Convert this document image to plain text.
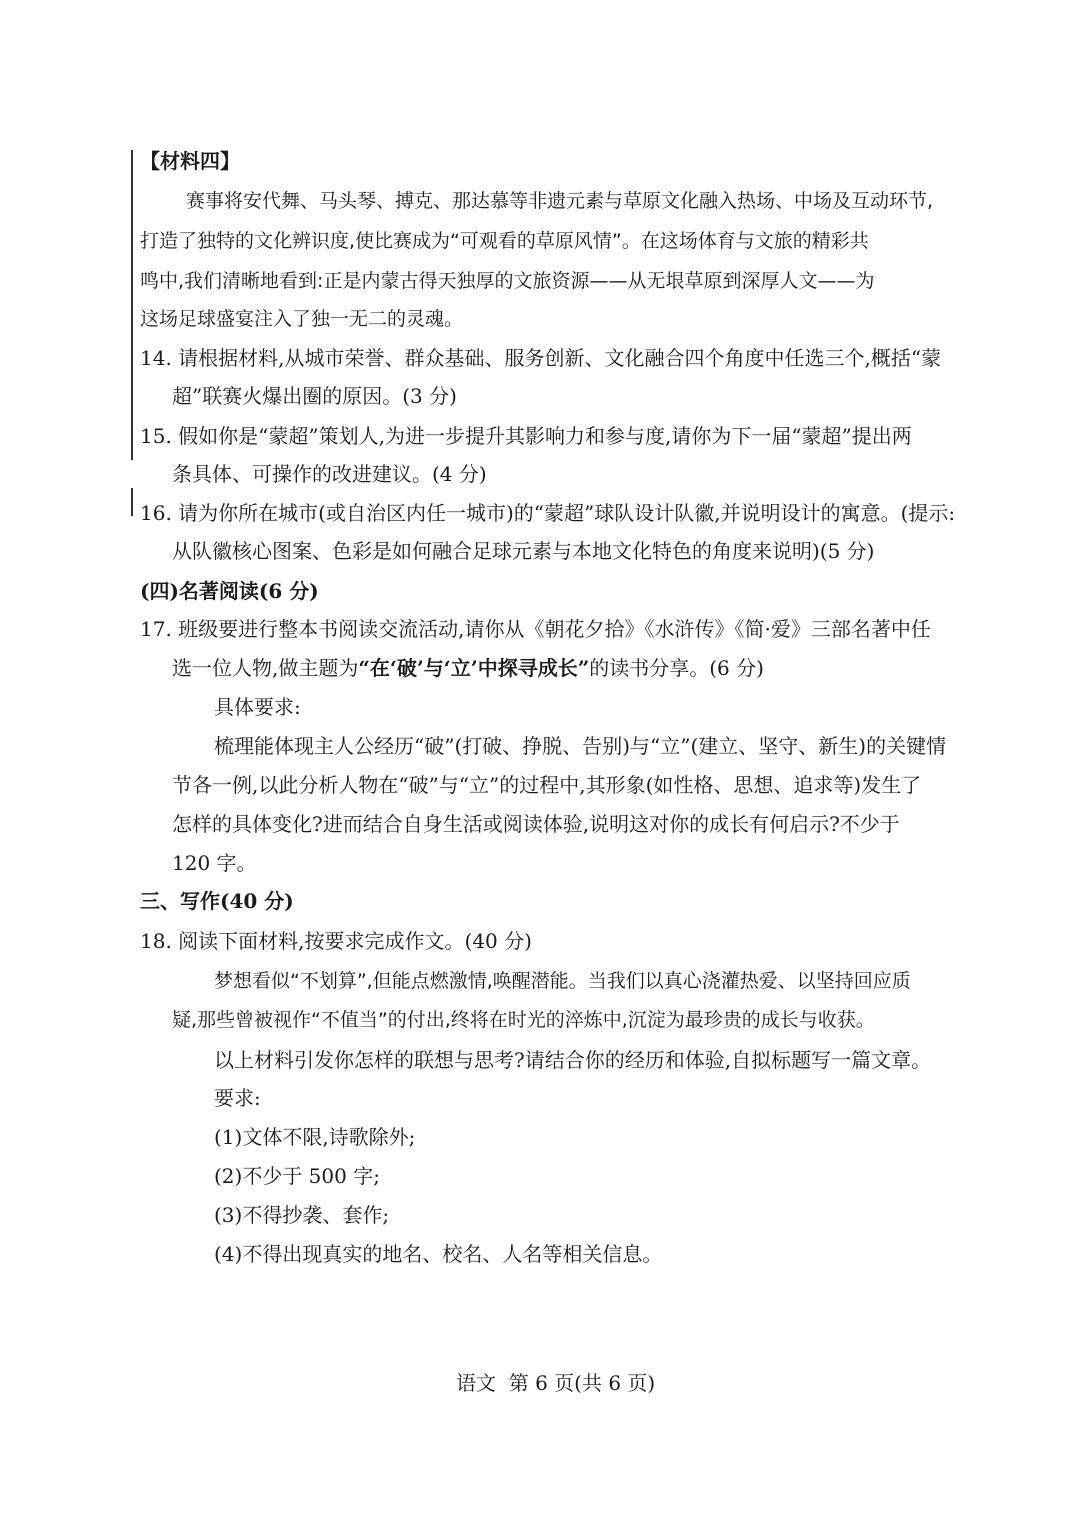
【材料四】
赛事将安代舞、马头琴、搏克、那达慕等非遗元素与草原文化融入热场、中场及互动环节,
打造了独特的文化辨识度,使比赛成为“可观看的草原风情”。在这场体育与文旅的精彩共
鸣中,我们清晰地看到:正是内蒙古得天独厚的文旅资源——从无垠草原到深厚人文——为
这场足球盛宴注入了独一无二的灵魂。
14. 请根据材料,从城市荣誉、群众基础、服务创新、文化融合四个角度中任选三个,概括“蒙
超”联赛火爆出圈的原因。(3 分)
15. 假如你是“蒙超”策划人,为进一步提升其影响力和参与度,请你为下一届“蒙超”提出两
条具体、可操作的改进建议。(4 分)
16. 请为你所在城市(或自治区内任一城市)的“蒙超”球队设计队徽,并说明设计的寓意。(提示:
从队徽核心图案、色彩是如何融合足球元素与本地文化特色的角度来说明)(5 分)
(四)名著阅读(6 分)
17. 班级要进行整本书阅读交流活动,请你从《朝花夕拾》《水浒传》《简·爱》三部名著中任
选一位人物,做主题为“在‘破’与‘立’中探寻成长”的读书分享。(6 分)
具体要求:
梳理能体现主人公经历“破”(打破、挣脱、告别)与“立”(建立、坚守、新生)的关键情
节各一例,以此分析人物在“破”与“立”的过程中,其形象(如性格、思想、追求等)发生了
怎样的具体变化?进而结合自身生活或阅读体验,说明这对你的成长有何启示?不少于
120 字。
三、写作(40 分)
18. 阅读下面材料,按要求完成作文。(40 分)
梦想看似“不划算”,但能点燃激情,唤醒潜能。当我们以真心浇灌热爱、以坚持回应质
疑,那些曾被视作“不值当”的付出,终将在时光的淬炼中,沉淀为最珍贵的成长与收获。
以上材料引发你怎样的联想与思考?请结合你的经历和体验,自拟标题写一篇文章。
要求:
(1)文体不限,诗歌除外;
(2)不少于 500 字;
(3)不得抄袭、套作;
(4)不得出现真实的地名、校名、人名等相关信息。
语文  第 6 页(共 6 页)
